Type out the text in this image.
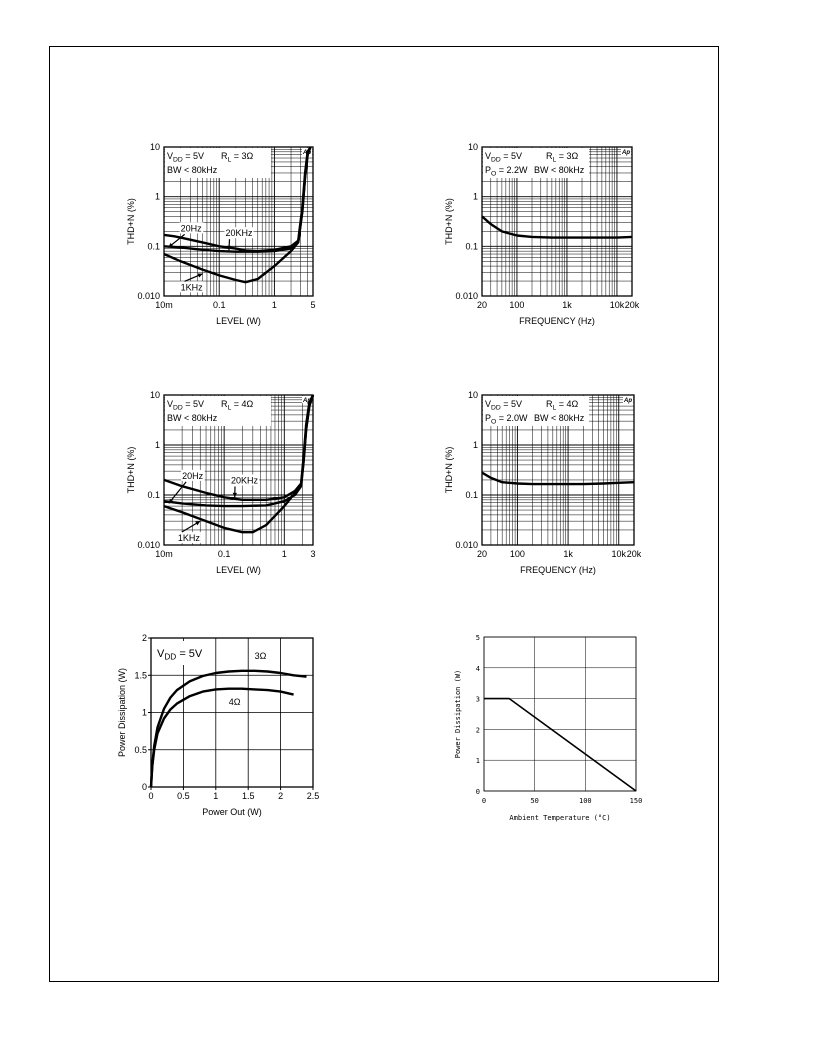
10m	0.1	1	5
0.010
0.1
1
10
LEVEL (W)
THD+N (%)
$V_{DD} = 5V$ $R_L = 3\Omega$
BW < 80kHz
Ap
20Hz	20KHz
1KHz
20 100	1k	10k 20k
0.010
0.1
1
10
FREQUENCY (Hz)
THD+N (%)
$V_{DD} = 5V$	$R_L = 3\Omega$
$P_O = 2.2W$ BW < 80kHz
Ap
10m	0.1	1	3
0.010
0.1
1
10
LEVEL (W)
THD+N (%)
$V_{DD} = 5V$ $R_L = 4\Omega$
BW < 80kHz
Ap
20Hz	20KHz
1KHz
20	100	1k	10k 20k
0.010
0.1
1
10
FREQUENCY (Hz)
THD+N (%)
$V_{DD} = 5V$	$R_L = 4\Omega$
$P_O = 2.0W$ BW < 80kHz
Ap
0	0.5	1	1.5	2	2.5
0
0.5
1
1.5
2
Power Out (W)
Power Dissipation (W)
$V_{DD} = 5V$	3Ω
4Ω
0	50	100	150
0
1
2
3
4
5
Ambient Temperature (°C)
Power Dissipation (W)
